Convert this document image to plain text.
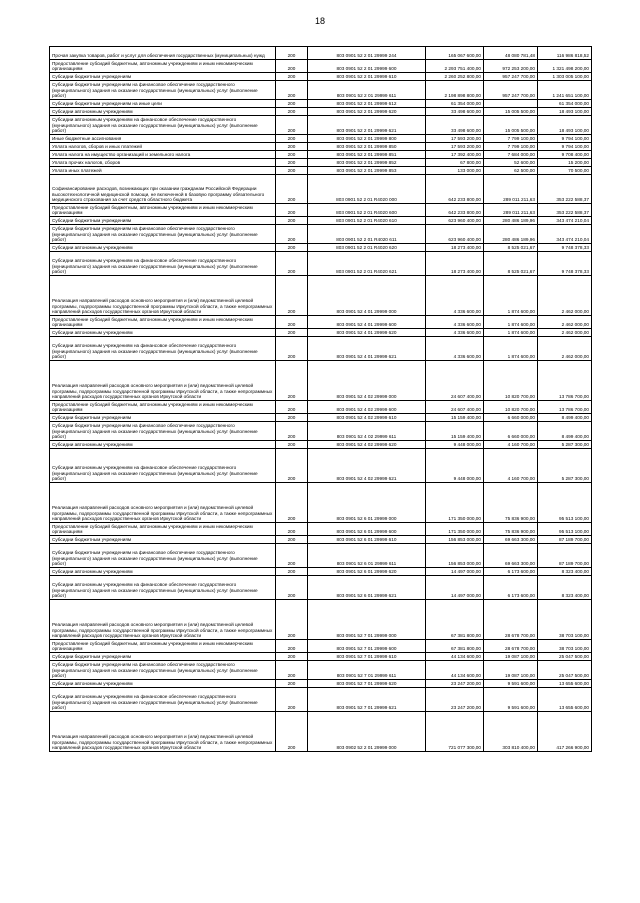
18
Прочая закупка товаров, работ и услуг для обеспечения государственных (муниципальных) нужд	200	803 0901 52 2 01 29999 244	165 067 600,00	48 080 781,48	116 986 818,52
Предоставление субсидий бюджетным, автономным учреждениям и иным некоммерческим организациям	200	803 0901 52 2 01 29999 600	2 293 751 400,00	972 253 200,00	1 321 498 200,00
Субсидии бюджетным учреждениям	200	803 0901 52 2 01 29999 610	2 260 252 800,00	957 247 700,00	1 303 005 100,00
Субсидии бюджетным учреждениям на финансовое обеспечение государственного (муниципального) задания на оказание государственных (муниципальных) услуг (выполнение работ)	200	803 0901 52 2 01 29999 611	2 198 898 800,00	957 247 700,00	1 241 651 100,00
Субсидии бюджетным учреждениям на иные цели	200	803 0901 52 2 01 29999 612	61 354 000,00		61 354 000,00
Субсидии автономным учреждениям	200	803 0901 52 2 01 29999 620	33 498 600,00	15 005 500,00	18 493 100,00
Субсидии автономным учреждениям на финансовое обеспечение государственного (муниципального) задания на оказание государственных (муниципальных) услуг (выполнение работ)	200	803 0901 52 2 01 29999 621	33 498 600,00	15 005 500,00	18 493 100,00
Иные бюджетные ассигнования	200	803 0901 52 2 01 29999 800	17 593 200,00	7 799 100,00	9 794 100,00
Уплата налогов, сборов и иных платежей	200	803 0901 52 2 01 29999 850	17 593 200,00	7 799 100,00	9 794 100,00
Уплата налога на имущество организаций и земельного налога	200	803 0901 52 2 01 29999 851	17 392 400,00	7 684 000,00	9 708 400,00
Уплата прочих налогов, сборов	200	803 0901 52 2 01 29999 852	67 800,00	52 600,00	15 200,00
Уплата иных платежей	200	803 0901 52 2 01 29999 853	133 000,00	62 500,00	70 500,00
Софинансирование расходов, возникающих при оказании гражданам Российской Федерации высокотехнологичной медицинской помощи, не включенной в базовую программу обязательного медицинского страхования за счет средств областного бюджета	200	803 0901 52 2 01 R4020 000	642 233 800,00	289 011 211,63	353 222 588,37
Предоставление субсидий бюджетным, автономным учреждениям и иным некоммерческим организациям	200	803 0901 52 2 01 R4020 600	642 233 800,00	289 011 211,63	353 222 588,37
Субсидии бюджетным учреждениям	200	803 0901 52 2 01 R4020 610	623 960 400,00	280 486 189,96	343 474 210,04
Субсидии бюджетным учреждениям на финансовое обеспечение государственного (муниципального) задания на оказание государственных (муниципальных) услуг (выполнение работ)	200	803 0901 52 2 01 R4020 611	623 960 400,00	280 486 189,96	343 474 210,04
Субсидии автономным учреждениям	200	803 0901 52 2 01 R4020 620	18 273 400,00	8 525 021,67	9 748 378,33
Субсидии автономным учреждениям на финансовое обеспечение государственного (муниципального) задания на оказание государственных (муниципальных) услуг (выполнение работ)	200	803 0901 52 2 01 R4020 621	18 273 400,00	8 525 021,67	9 748 378,33
Реализация направлений расходов основного мероприятия и (или) ведомственной целевой программы, подпрограммы государственной программы Иркутской области, а также непрограммных направлений расходов государственных органов Иркутской области	200	803 0901 52 4 01 29999 000	4 336 600,00	1 874 600,00	2 462 000,00
Предоставление субсидий бюджетным, автономным учреждениям и иным некоммерческим организациям	200	803 0901 52 4 01 29999 600	4 336 600,00	1 874 600,00	2 462 000,00
Субсидии автономным учреждениям	200	803 0901 52 4 01 29999 620	4 336 600,00	1 874 600,00	2 462 000,00
Субсидии автономным учреждениям на финансовое обеспечение государственного (муниципального) задания на оказание государственных (муниципальных) услуг (выполнение работ)	200	803 0901 52 4 01 29999 621	4 336 600,00	1 874 600,00	2 462 000,00
Реализация направлений расходов основного мероприятия и (или) ведомственной целевой программы, подпрограммы государственной программы Иркутской области, а также непрограммных направлений расходов государственных органов Иркутской области	200	803 0901 52 4 02 29999 000	24 607 400,00	10 820 700,00	13 786 700,00
Предоставление субсидий бюджетным, автономным учреждениям и иным некоммерческим организациям	200	803 0901 52 4 02 29999 600	24 607 400,00	10 820 700,00	13 786 700,00
Субсидии бюджетным учреждениям	200	803 0901 52 4 02 29999 610	15 159 400,00	6 660 000,00	8 499 400,00
Субсидии бюджетным учреждениям на финансовое обеспечение государственного (муниципального) задания на оказание государственных (муниципальных) услуг (выполнение работ)	200	803 0901 52 4 02 29999 611	15 159 400,00	6 660 000,00	8 499 400,00
Субсидии автономным учреждениям	200	803 0901 52 4 02 29999 620	9 448 000,00	4 160 700,00	5 287 300,00
Субсидии автономным учреждениям на финансовое обеспечение государственного (муниципального) задания на оказание государственных (муниципальных) услуг (выполнение работ)	200	803 0901 52 4 02 29999 621	9 448 000,00	4 160 700,00	5 287 300,00
Реализация направлений расходов основного мероприятия и (или) ведомственной целевой программы, подпрограммы государственной программы Иркутской области, а также непрограммных направлений расходов государственных органов Иркутской области	200	803 0901 52 6 01 29999 000	171 350 000,00	75 836 900,00	95 513 100,00
Предоставление субсидий бюджетным, автономным учреждениям и иным некоммерческим организациям	200	803 0901 52 6 01 29999 600	171 350 000,00	75 836 900,00	95 513 100,00
Субсидии бюджетным учреждениям	200	803 0901 52 6 01 29999 610	156 853 000,00	69 663 300,00	87 189 700,00
Субсидии бюджетным учреждениям на финансовое обеспечение государственного (муниципального) задания на оказание государственных (муниципальных) услуг (выполнение работ)	200	803 0901 52 6 01 29999 611	156 853 000,00	69 663 300,00	87 189 700,00
Субсидии автономным учреждениям	200	803 0901 52 6 01 29999 620	14 497 000,00	6 173 600,00	8 323 400,00
Субсидии автономным учреждениям на финансовое обеспечение государственного (муниципального) задания на оказание государственных (муниципальных) услуг (выполнение работ)	200	803 0901 52 6 01 29999 621	14 497 000,00	6 173 600,00	8 323 400,00
Реализация направлений расходов основного мероприятия и (или) ведомственной целевой программы, подпрограммы государственной программы Иркутской области, а также непрограммных направлений расходов государственных органов Иркутской области	200	803 0901 52 7 01 29999 000	67 381 800,00	28 678 700,00	38 703 100,00
Предоставление субсидий бюджетным, автономным учреждениям и иным некоммерческим организациям	200	803 0901 52 7 01 29999 600	67 381 800,00	28 678 700,00	38 703 100,00
Субсидии бюджетным учреждениям	200	803 0901 52 7 01 29999 610	44 134 600,00	19 087 100,00	25 047 500,00
Субсидии бюджетным учреждениям на финансовое обеспечение государственного (муниципального) задания на оказание государственных (муниципальных) услуг (выполнение работ)	200	803 0901 52 7 01 29999 611	44 134 600,00	19 087 100,00	25 047 500,00
Субсидии автономным учреждениям	200	803 0901 52 7 01 29999 620	23 247 200,00	9 591 600,00	13 655 600,00
Субсидии автономным учреждениям на финансовое обеспечение государственного (муниципального) задания на оказание государственных (муниципальных) услуг (выполнение работ)	200	803 0901 52 7 01 29999 621	23 247 200,00	9 591 600,00	13 655 600,00
Реализация направлений расходов основного мероприятия и (или) ведомственной целевой программы, подпрограммы государственной программы Иркутской области, а также непрограммных направлений расходов государственных органов Иркутской области	200	803 0902 52 2 01 29999 000	721 077 300,00	303 810 400,00	417 266 900,00
